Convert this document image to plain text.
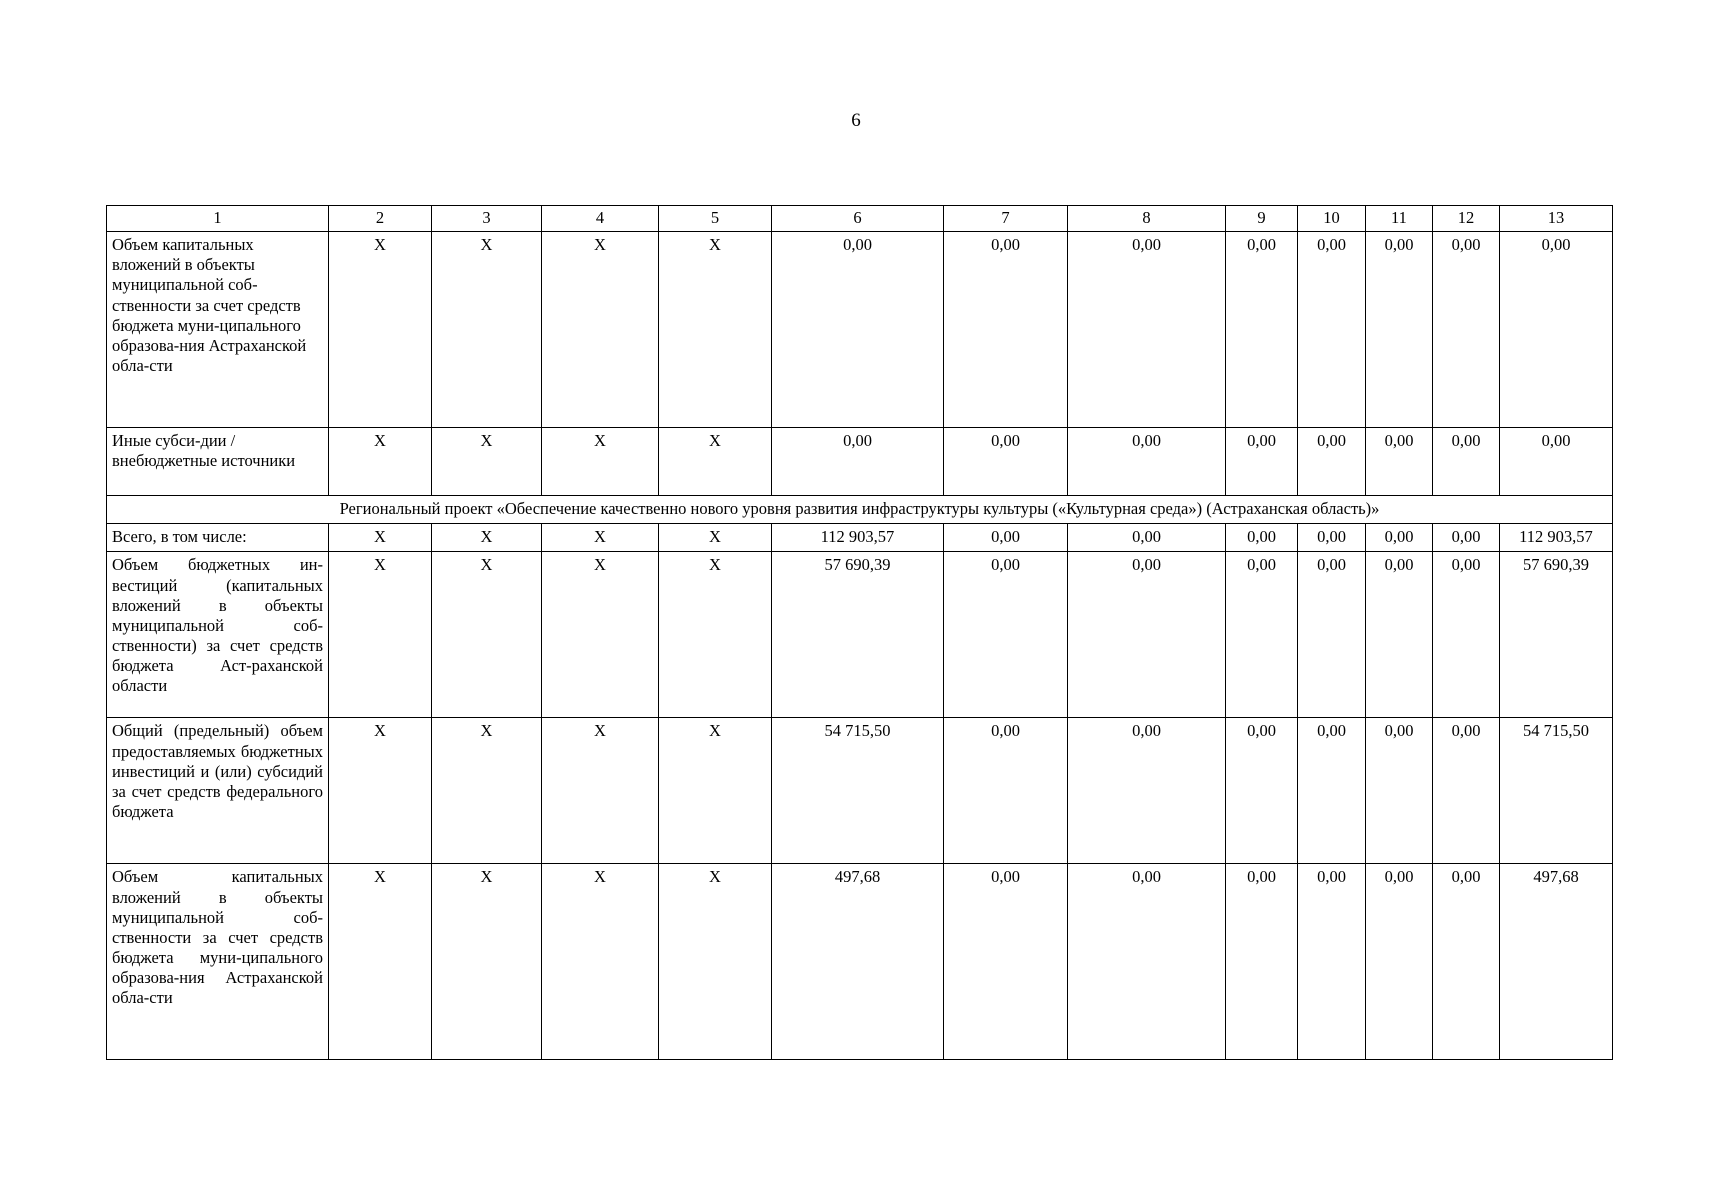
6
1	2	3	4	5	6	7	8	9	10	11	12	13
Объем капитальных вложений в объекты муниципальной соб-ственности за счет средств бюджета муни-ципального образова-ния Астраханской обла-сти	X	X	X	X	0,00	0,00	0,00	0,00	0,00	0,00	0,00	0,00
Иные субси-дии / внебюджетные источники	X	X	X	X	0,00	0,00	0,00	0,00	0,00	0,00	0,00	0,00
Региональный проект «Обеспечение качественно нового уровня развития инфраструктуры культуры («Культурная среда») (Астраханская область)»												
Всего, в том числе:	X	X	X	X	112 903,57	0,00	0,00	0,00	0,00	0,00	0,00	112 903,57
Объем бюджетных ин-вестиций (капитальных вложений в объекты муниципальной соб-ственности) за счет средств бюджета Аст-раханской области	X	X	X	X	57 690,39	0,00	0,00	0,00	0,00	0,00	0,00	57 690,39
Общий (предельный) объем предоставляемых бюджетных инвестиций и (или) субсидий за счет средств федерального бюджета	X	X	X	X	54 715,50	0,00	0,00	0,00	0,00	0,00	0,00	54 715,50
Объем капитальных вложений в объекты муниципальной соб-ственности за счет средств бюджета муни-ципального образова-ния Астраханской обла-сти	X	X	X	X	497,68	0,00	0,00	0,00	0,00	0,00	0,00	497,68
